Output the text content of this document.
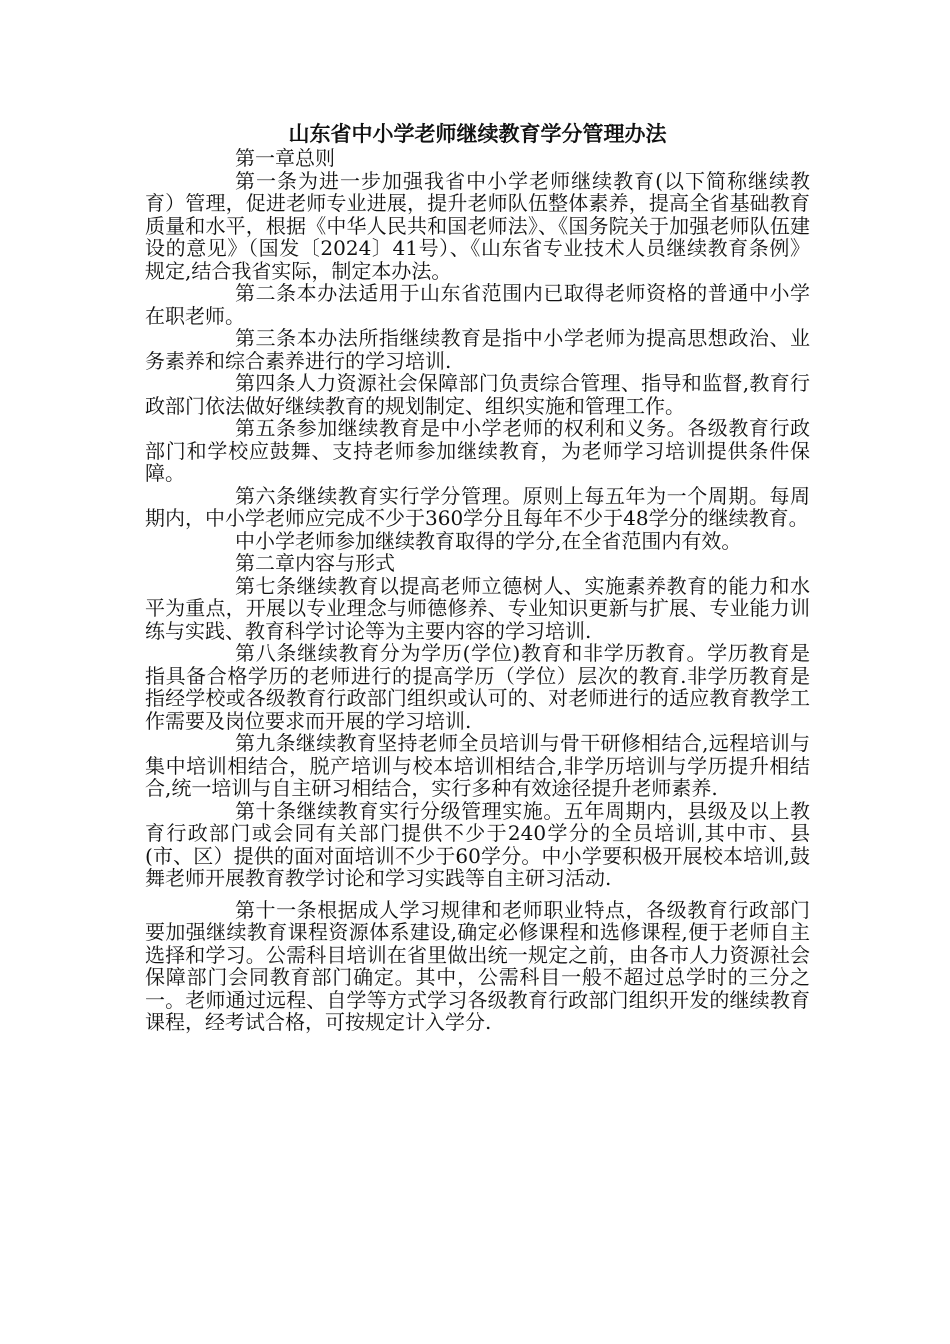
山东省中小学老师继续教育学分管理办法

第一章总则

第一条为进一步加强我省中小学老师继续教育(以下简称继续教育）管理，促进老师专业进展，提升老师队伍整体素养，提高全省基础教育质量和水平，根据《中华人民共和国老师法》、《国务院关于加强老师队伍建设的意见》（国发〔2024〕41号）、《山东省专业技术人员继续教育条例》规定,结合我省实际，制定本办法。

第二条本办法适用于山东省范围内已取得老师资格的普通中小学在职老师。

第三条本办法所指继续教育是指中小学老师为提高思想政治、业务素养和综合素养进行的学习培训.

第四条人力资源社会保障部门负责综合管理、指导和监督,教育行政部门依法做好继续教育的规划制定、组织实施和管理工作。

第五条参加继续教育是中小学老师的权利和义务。各级教育行政部门和学校应鼓舞、支持老师参加继续教育，为老师学习培训提供条件保障。

第六条继续教育实行学分管理。原则上每五年为一个周期。每周期内，中小学老师应完成不少于360学分且每年不少于48学分的继续教育。

中小学老师参加继续教育取得的学分,在全省范围内有效。

第二章内容与形式

第七条继续教育以提高老师立德树人、实施素养教育的能力和水平为重点，开展以专业理念与师德修养、专业知识更新与扩展、专业能力训练与实践、教育科学讨论等为主要内容的学习培训.

第八条继续教育分为学历(学位)教育和非学历教育。学历教育是指具备合格学历的老师进行的提高学历（学位）层次的教育.非学历教育是指经学校或各级教育行政部门组织或认可的、对老师进行的适应教育教学工作需要及岗位要求而开展的学习培训.

第九条继续教育坚持老师全员培训与骨干研修相结合,远程培训与集中培训相结合，脱产培训与校本培训相结合,非学历培训与学历提升相结合,统一培训与自主研习相结合，实行多种有效途径提升老师素养.

第十条继续教育实行分级管理实施。五年周期内，县级及以上教育行政部门或会同有关部门提供不少于240学分的全员培训,其中市、县(市、区）提供的面对面培训不少于60学分。中小学要积极开展校本培训,鼓舞老师开展教育教学讨论和学习实践等自主研习活动.

第十一条根据成人学习规律和老师职业特点，各级教育行政部门要加强继续教育课程资源体系建设,确定必修课程和选修课程,便于老师自主选择和学习。公需科目培训在省里做出统一规定之前，由各市人力资源社会保障部门会同教育部门确定。其中，公需科目一般不超过总学时的三分之一。老师通过远程、自学等方式学习各级教育行政部门组织开发的继续教育课程，经考试合格，可按规定计入学分.
